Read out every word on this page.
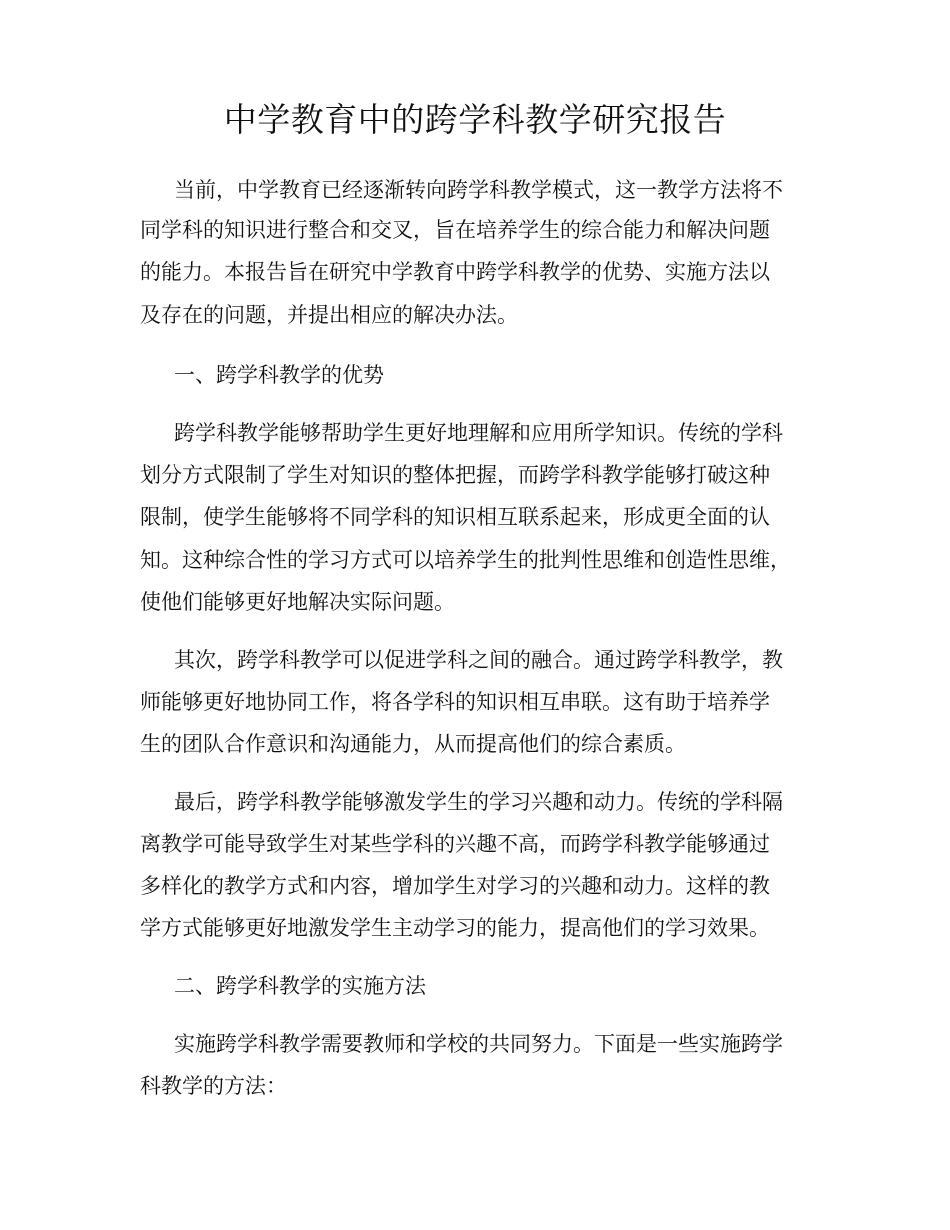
中学教育中的跨学科教学研究报告
当前，中学教育已经逐渐转向跨学科教学模式，这一教学方法将不
同学科的知识进行整合和交叉，旨在培养学生的综合能力和解决问题
的能力。本报告旨在研究中学教育中跨学科教学的优势、实施方法以
及存在的问题，并提出相应的解决办法。
一、跨学科教学的优势
跨学科教学能够帮助学生更好地理解和应用所学知识。传统的学科
划分方式限制了学生对知识的整体把握，而跨学科教学能够打破这种
限制，使学生能够将不同学科的知识相互联系起来，形成更全面的认
知。这种综合性的学习方式可以培养学生的批判性思维和创造性思维，
使他们能够更好地解决实际问题。
其次，跨学科教学可以促进学科之间的融合。通过跨学科教学，教
师能够更好地协同工作，将各学科的知识相互串联。这有助于培养学
生的团队合作意识和沟通能力，从而提高他们的综合素质。
最后，跨学科教学能够激发学生的学习兴趣和动力。传统的学科隔
离教学可能导致学生对某些学科的兴趣不高，而跨学科教学能够通过
多样化的教学方式和内容，增加学生对学习的兴趣和动力。这样的教
学方式能够更好地激发学生主动学习的能力，提高他们的学习效果。
二、跨学科教学的实施方法
实施跨学科教学需要教师和学校的共同努力。下面是一些实施跨学
科教学的方法：
